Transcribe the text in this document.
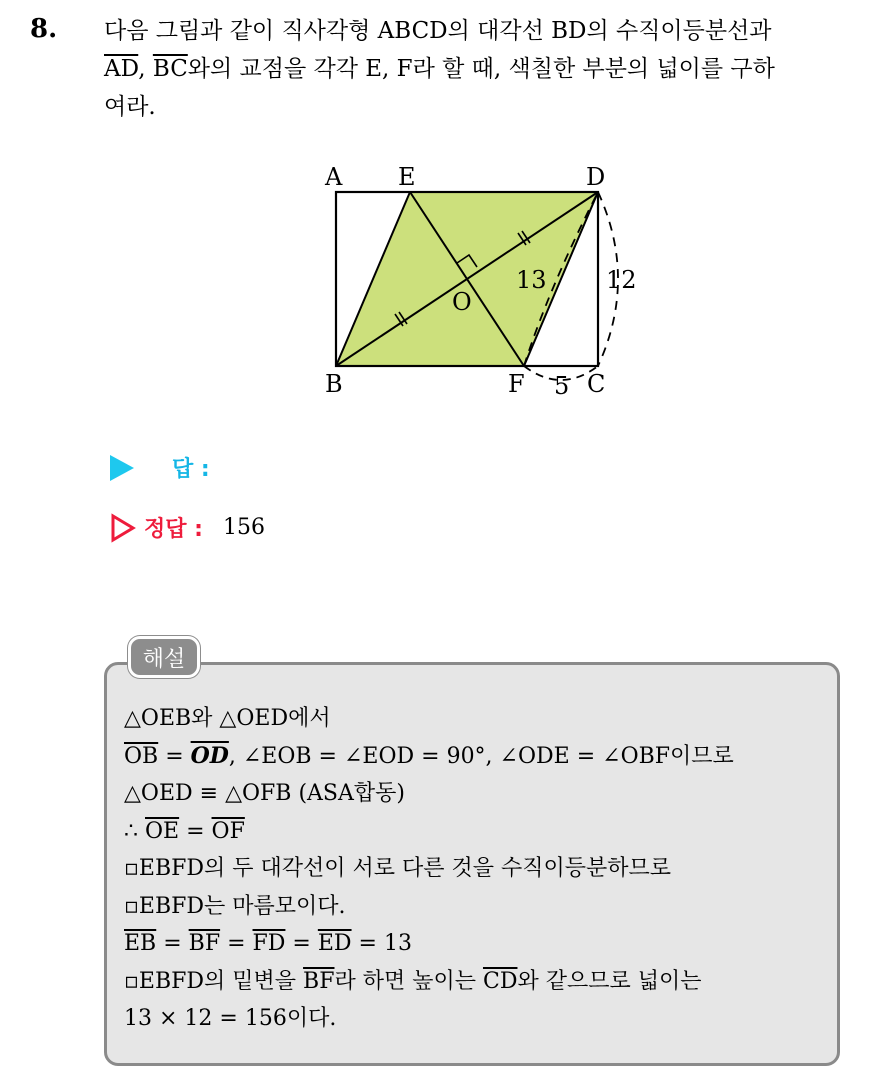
8. 다음 그림과 같이 직사각형 ABCD의 대각선 BD의 수직이등분선과
$\overline{AD}$, $\overline{BC}$와의 교점을 각각 E, F라 할 때, 색칠한 부분의 넓이를 구하
여라.
A E	D
B	F	C
O
13 12
5
답 :
정답 : 156
해설
△OEB와 △OED에서
$\overline{OB} = \overline{OD}$, ∠EOB = ∠EOD = 90°, ∠ODE = ∠OBF이므로
△OED ≡ △OFB (ASA합동)
∴ $\overline{OE} = \overline{OF}$
▫EBFD의 두 대각선이 서로 다른 것을 수직이등분하므로
▫EBFD는 마름모이다.
$\overline{EB} = \overline{BF} = \overline{FD} = \overline{ED} = 13$
▫EBFD의 밑변을 $\overline{BF}$라 하면 높이는 $\overline{CD}$와 같으므로 넓이는
13 × 12 = 156이다.
